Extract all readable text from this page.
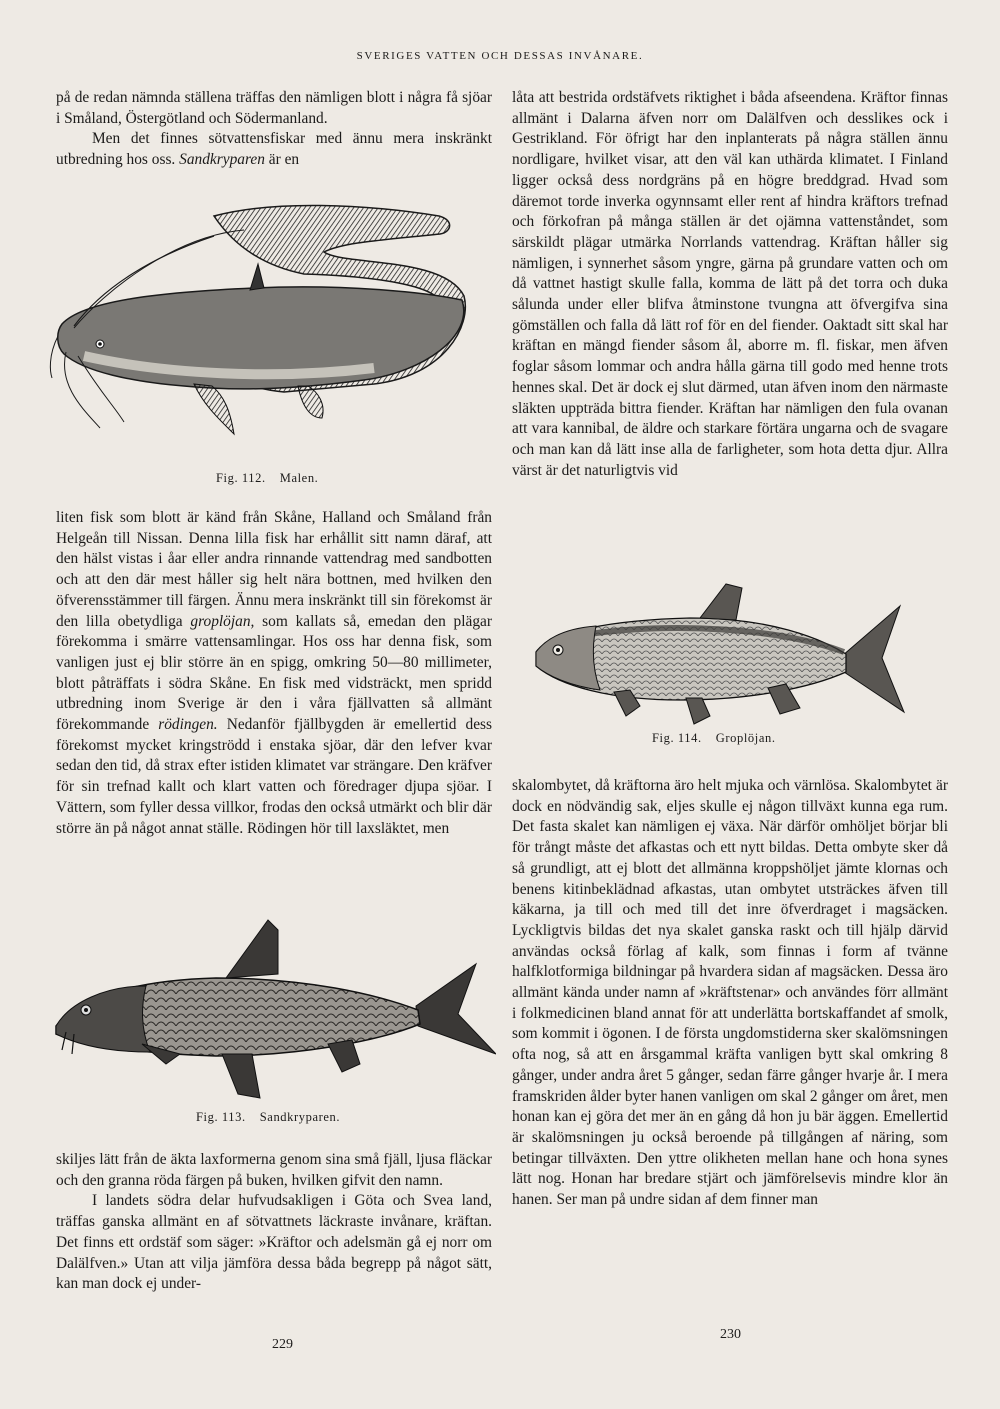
SVERIGES VATTEN OCH DESSAS INVÅNARE.

på de redan nämnda ställena träffas den nämligen blott i några få sjöar i Småland, Östergötland och Södermanland.

Men det finnes sötvattensfiskar med ännu mera inskränkt utbredning hos oss. Sandkryparen är en

Fig. 112. Malen.

liten fisk som blott är känd från Skåne, Halland och Småland från Helgeån till Nissan. Denna lilla fisk har erhållit sitt namn däraf, att den hälst vistas i åar eller andra rinnande vattendrag med sandbotten och att den där mest håller sig helt nära bottnen, med hvilken den öfverensstämmer till färgen. Ännu mera inskränkt till sin förekomst är den lilla obetydliga groplöjan, som kallats så, emedan den plägar förekomma i smärre vattensamlingar. Hos oss har denna fisk, som vanligen just ej blir större än en spigg, omkring 50—80 millimeter, blott påträffats i södra Skåne. En fisk med vidsträckt, men spridd utbredning inom Sverige är den i våra fjällvatten så allmänt förekommande rödingen. Nedanför fjällbygden är emellertid dess förekomst mycket kringströdd i enstaka sjöar, där den lefver kvar sedan den tid, då strax efter istiden klimatet var strängare. Den kräfver för sin trefnad kallt och klart vatten och föredrager djupa sjöar. I Vättern, som fyller dessa villkor, frodas den också utmärkt och blir där större än på något annat ställe. Rödingen hör till laxsläktet, men

Fig. 113. Sandkryparen.

skiljes lätt från de äkta laxformerna genom sina små fjäll, ljusa fläckar och den granna röda färgen på buken, hvilken gifvit den namn.

I landets södra delar hufvudsakligen i Göta och Svea land, träffas ganska allmänt en af sötvattnets läckraste invånare, kräftan. Det finns ett ordstäf som säger: »Kräftor och adelsmän gå ej norr om Dalälfven.» Utan att vilja jämföra dessa båda begrepp på något sätt, kan man dock ej under-

229

låta att bestrida ordstäfvets riktighet i båda afseendena. Kräftor finnas allmänt i Dalarna äfven norr om Dalälfven och desslikes ock i Gestrikland. För öfrigt har den inplanterats på några ställen ännu nordligare, hvilket visar, att den väl kan uthärda klimatet. I Finland ligger också dess nordgräns på en högre breddgrad. Hvad som däremot torde inverka ogynnsamt eller rent af hindra kräftors trefnad och förkofran på många ställen är det ojämna vattenståndet, som särskildt plägar utmärka Norrlands vattendrag. Kräftan håller sig nämligen, i synnerhet såsom yngre, gärna på grundare vatten och om då vattnet hastigt skulle falla, komma de lätt på det torra och duka sålunda under eller blifva åtminstone tvungna att öfvergifva sina gömställen och falla då lätt rof för en del fiender. Oaktadt sitt skal har kräftan en mängd fiender såsom ål, aborre m. fl. fiskar, men äfven foglar såsom lommar och andra hålla gärna till godo med henne trots hennes skal. Det är dock ej slut därmed, utan äfven inom den närmaste släkten uppträda bittra fiender. Kräftan har nämligen den fula ovanan att vara kannibal, de äldre och starkare förtära ungarna och de svagare och man kan då lätt inse alla de farligheter, som hota detta djur. Allra värst är det naturligtvis vid

Fig. 114. Groplöjan.

skalombytet, då kräftorna äro helt mjuka och värnlösa. Skalombytet är dock en nödvändig sak, eljes skulle ej någon tillväxt kunna ega rum. Det fasta skalet kan nämligen ej växa. När därför omhöljet börjar bli för trångt måste det afkastas och ett nytt bildas. Detta ombyte sker då så grundligt, att ej blott det allmänna kroppshöljet jämte klornas och benens kitinbeklädnad afkastas, utan ombytet utsträckes äfven till käkarna, ja till och med till det inre öfverdraget i magsäcken. Lyckligtvis bildas det nya skalet ganska raskt och till hjälp därvid användas också förlag af kalk, som finnas i form af tvänne halfklotformiga bildningar på hvardera sidan af magsäcken. Dessa äro allmänt kända under namn af »kräftstenar» och användes förr allmänt i folkmedicinen bland annat för att underlätta bortskaffandet af smolk, som kommit i ögonen. I de första ungdomstiderna sker skalömsningen ofta nog, så att en årsgammal kräfta vanligen bytt skal omkring 8 gånger, under andra året 5 gånger, sedan färre gånger hvarje år. I mera framskriden ålder byter hanen vanligen om skal 2 gånger om året, men honan kan ej göra det mer än en gång då hon ju bär äggen. Emellertid är skalömsningen ju också beroende på tillgången af näring, som betingar tillväxten. Den yttre olikheten mellan hane och hona synes lätt nog. Honan har bredare stjärt och jämförelsevis mindre klor än hanen. Ser man på undre sidan af dem finner man

230
